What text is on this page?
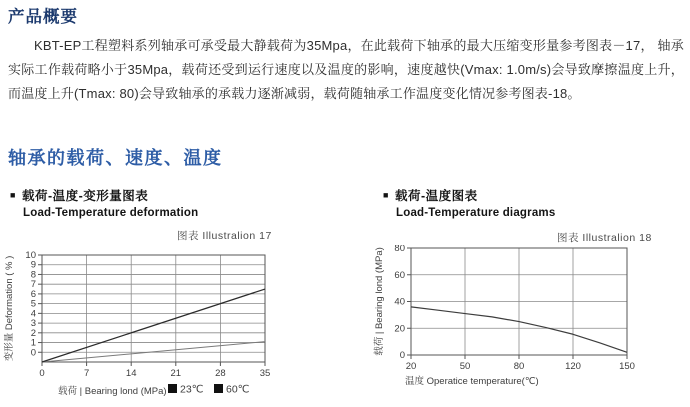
产品概要

KBT-EP工程塑料系列轴承可承受最大静载荷为35Mpa，在此载荷下轴承的最大压缩变形量参考图表－17， 轴承实际工作载荷略小于35Mpa，载荷还受到运行速度以及温度的影响，速度越快(Vmax: 1.0m/s)会导致摩擦温度上升，而温度上升(Tmax: 80)会导致轴承的承载力逐渐减弱，载荷随轴承工作温度变化情况参考图表-18。

轴承的载荷、速度、温度
■ 载荷-温度-变形量图表
Load-Temperature deformation
■ 载荷-温度图表
Load-Temperature diagrams
图表 Illustralion 17	图表 Illustralion 18
0
1
2
3
4
5
6
7
8
9
10
0	7	14	21	28	35
载荷 | Bearing lond (MPa)
变形量 Deformation ( % )
23℃ 60℃
0
20
40
60
80
20	50	80	120	150
温度 Operatice temperature(℃)
载荷 | Bearing lond (MPa)
